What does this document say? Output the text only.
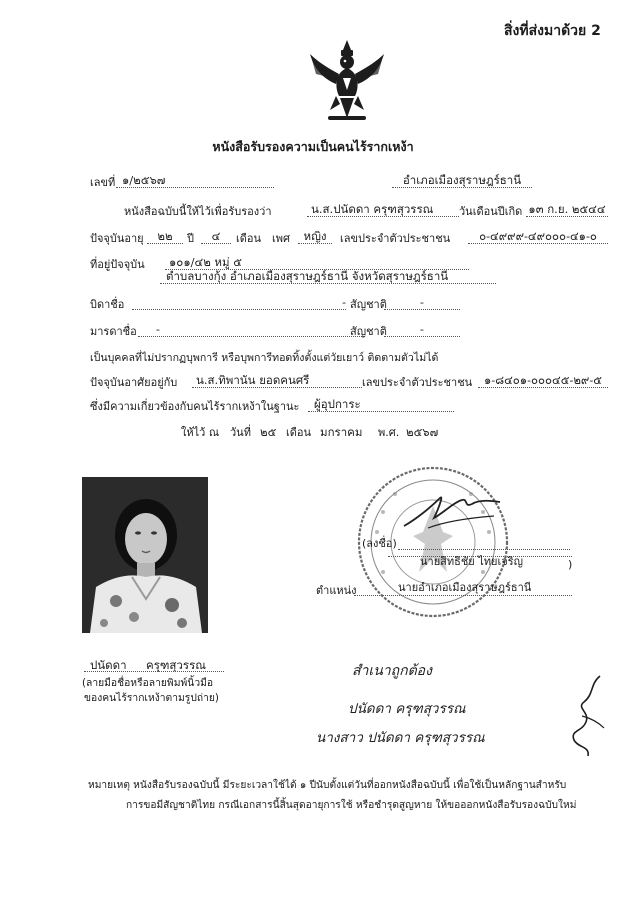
สิ่งที่ส่งมาด้วย 2
หนังสือรับรองความเป็นคนไร้รากเหง้า
เลขที่ ๑/๒๕๖๗	อำเภอเมืองสุราษฎร์ธานี
หนังสือฉบับนี้ให้ไว้เพื่อรับรองว่า	น.ส.ปนัดดา ครุฑสุวรรณ	วันเดือนปีเกิด ๑๓ ก.ย. ๒๕๔๔
ปัจจุบันอายุ	๒๒	ปี	๔	เดือน เพศ	หญิง	เลขประจำตัวประชาชน	๐-๔๙๙๙-๔๙๐๐๐-๔๑-๐
ที่อยู่ปัจจุบัน	๑๐๑/๔๒ หมู่ ๕
ตำบลบางกุ้ง อำเภอเมืองสุราษฎร์ธานี จังหวัดสุราษฎร์ธานี
บิดาชื่อ	- สัญชาติ	-
มารดาชื่อ	-	สัญชาติ	-
เป็นบุคคลที่ไม่ปรากฏบุพการี หรือบุพการีทอดทิ้งตั้งแต่วัยเยาว์ ติดตามตัวไม่ได้
ปัจจุบันอาศัยอยู่กับ	น.ส.ทิพานัน ยอดคนศรี	เลขประจำตัวประชาชน	๑-๘๔๐๑-๐๐๐๔๕-๒๙-๕
ซึ่งมีความเกี่ยวข้องกับคนไร้รากเหง้าในฐานะ	ผู้อุปการะ
ให้ไว้ ณ วันที่ ๒๕ เดือน มกราคม พ.ศ. ๒๕๖๗
ปนัดดา ครุฑสุวรรณ
(ลายมือชื่อหรือลายพิมพ์นิ้วมือ
ของคนไร้รากเหง้าตามรูปถ่าย)
(ลงชื่อ)
นายสิทธิชัย ไทยเจริญ	)
ตำแหน่ง	นายอำเภอเมืองสุราษฎร์ธานี
สำเนาถูกต้อง
ปนัดดา ครุฑสุวรรณ
นางสาว ปนัดดา ครุฑสุวรรณ
หมายเหตุ หนังสือรับรองฉบับนี้ มีระยะเวลาใช้ได้ ๑ ปีนับตั้งแต่วันที่ออกหนังสือฉบับนี้ เพื่อใช้เป็นหลักฐานสำหรับ
การขอมีสัญชาติไทย กรณีเอกสารนี้สิ้นสุดอายุการใช้ หรือชำรุดสูญหาย ให้ขอออกหนังสือรับรองฉบับใหม่
